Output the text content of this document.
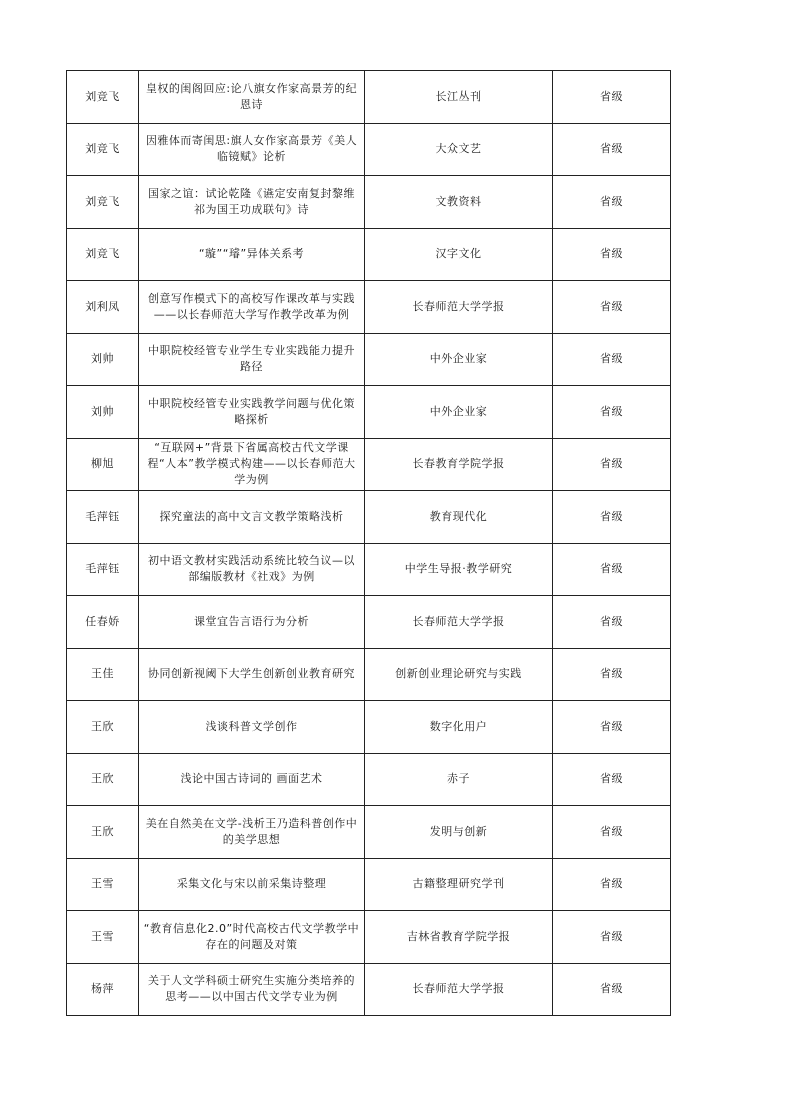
刘竞飞	皇权的闺阁回应:论八旗女作家高景芳的纪恩诗	长江丛刊	省级
刘竞飞	因雅体而寄闺思:旗人女作家高景芳《美人临镜赋》论析	大众文艺	省级
刘竞飞	国家之谊：试论乾隆《䜩定安南复封黎维祁为国王功成联句》诗	文教资料	省级
刘竞飞	“璇”“璿”异体关系考	汉字文化	省级
刘利凤	创意写作模式下的高校写作课改革与实践——以长春师范大学写作教学改革为例	长春师范大学学报	省级
刘帅	中职院校经管专业学生专业实践能力提升路径	中外企业家	省级
刘帅	中职院校经管专业实践教学问题与优化策略探析	中外企业家	省级
柳旭	“互联网+”背景下省属高校古代文学课程“人本”教学模式构建——以长春师范大学为例	长春教育学院学报	省级
毛萍钰	探究童法的高中文言文教学策略浅析	教育现代化	省级
毛萍钰	初中语文教材实践活动系统比较刍议—以部编版教材《社戏》为例	中学生导报·教学研究	省级
任春娇	课堂宜告言语行为分析	长春师范大学学报	省级
王佳	协同创新视阈下大学生创新创业教育研究	创新创业理论研究与实践	省级
王欣	浅谈科普文学创作	数字化用户	省级
王欣	浅论中国古诗词的 画面艺术	赤子	省级
王欣	美在自然美在文学-浅析王乃造科普创作中的美学思想	发明与创新	省级
王雪	采集文化与宋以前采集诗整理	古籍整理研究学刊	省级
王雪	“教育信息化2.0”时代高校古代文学教学中存在的问题及对策	吉林省教育学院学报	省级
杨萍	关于人文学科硕士研究生实施分类培养的思考——以中国古代文学专业为例	长春师范大学学报	省级
